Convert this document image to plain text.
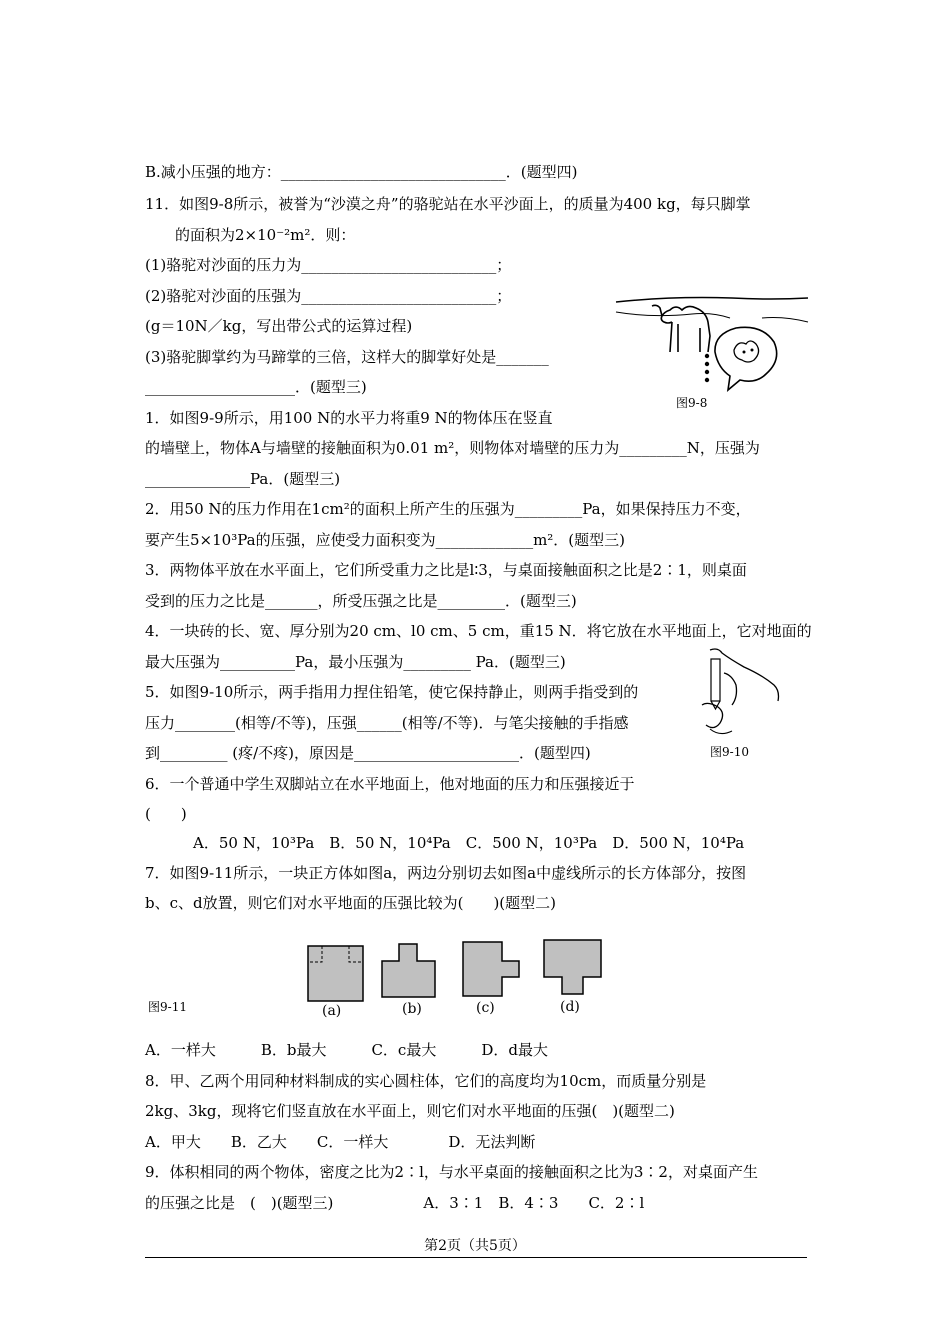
B.减小压强的地方：______________________________．(题型四)
11．如图9-8所示，被誉为“沙漠之舟”的骆驼站在水平沙面上，的质量为400 kg，每只脚掌
的面积为2×10⁻²m²．则：
(1)骆驼对沙面的压力为__________________________；
(2)骆驼对沙面的压强为__________________________；
(g＝10N／kg，写出带公式的运算过程)
(3)骆驼脚掌约为马蹄掌的三倍，这样大的脚掌好处是_______
____________________．(题型三)
1．如图9-9所示，用100 N的水平力将重9 N的物体压在竖直
的墙壁上，物体A与墙壁的接触面积为0.01 m²，则物体对墙壁的压力为_________N，压强为
______________Pa．(题型三)
2．用50 N的压力作用在1cm²的面积上所产生的压强为_________Pa，如果保持压力不变，
要产生5×10³Pa的压强，应使受力面积变为_____________m²．(题型三)
3．两物体平放在水平面上，它们所受重力之比是l∶3，与桌面接触面积之比是2∶1，则桌面
受到的压力之比是_______，所受压强之比是_________．(题型三)
4．一块砖的长、宽、厚分别为20 cm、l0 cm、5 cm，重15 N．将它放在水平地面上，它对地面的
最大压强为__________Pa，最小压强为_________ Pa．(题型三)
5．如图9-10所示，两手指用力捏住铅笔，使它保持静止，则两手指受到的
压力________(相等/不等)，压强______(相等/不等)．与笔尖接触的手指感
到_________ (疼/不疼)，原因是______________________．(题型四)
6．一个普通中学生双脚站立在水平地面上，他对地面的压力和压强接近于
(　　)
A．50 N，10³Pa　B．50 N，10⁴Pa　C．500 N，10³Pa　D．500 N，10⁴Pa
7．如图9-11所示，一块正方体如图a，两边分别切去如图a中虚线所示的长方体部分，按图
b、c、d放置，则它们对水平地面的压强比较为(　　)(题型二)
A．一样大　　　B．b最大　　　C．c最大　　　D．d最大
8．甲、乙两个用同种材料制成的实心圆柱体，它们的高度均为10cm，而质量分别是
2kg、3kg，现将它们竖直放在水平面上，则它们对水平地面的压强(　)(题型二)
A．甲大　　B．乙大　　C．一样大　　　　D．无法判断
9．体积相同的两个物体，密度之比为2∶l，与水平桌面的接触面积之比为3∶2，对桌面产生
的压强之比是　(　)(题型三)　　　　　　A．3∶1　B．4∶3　　C．2∶l
图9-8
图9-10
图9-11	(a)	(b)	(c)	(d)
第2页（共5页）
